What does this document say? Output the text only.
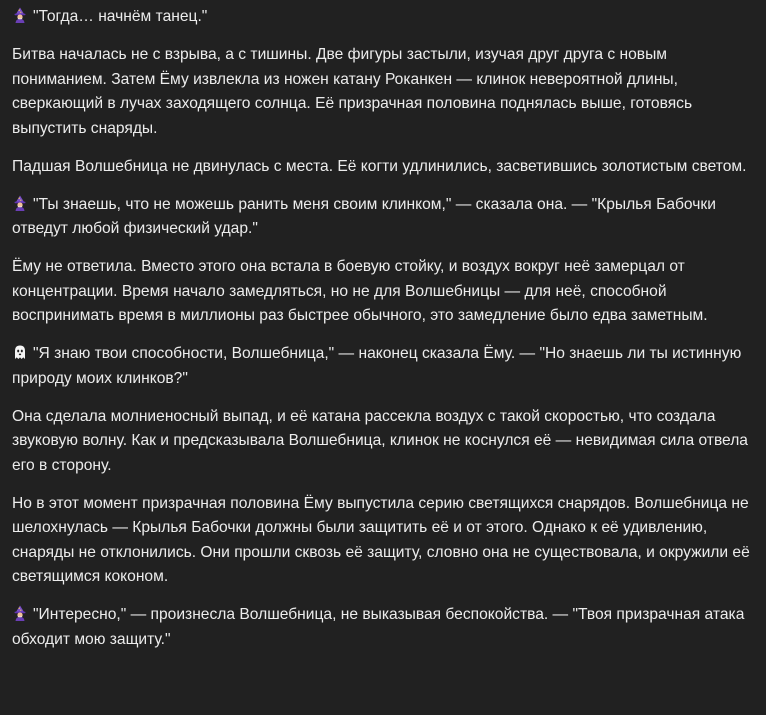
"Тогда… начнём танец."

Битва началась не с взрыва, а с тишины. Две фигуры застыли, изучая друг друга с новым пониманием. Затем Ёму извлекла из ножен катану Роканкен — клинок невероятной длины, сверкающий в лучах заходящего солнца. Её призрачная половина поднялась выше, готовясь выпустить снаряды.

Падшая Волшебница не двинулась с места. Её когти удлинились, засветившись золотистым светом.

"Ты знаешь, что не можешь ранить меня своим клинком," — сказала она. — "Крылья Бабочки отведут любой физический удар."

Ёму не ответила. Вместо этого она встала в боевую стойку, и воздух вокруг неё замерцал от концентрации. Время начало замедляться, но не для Волшебницы — для неё, способной воспринимать время в миллионы раз быстрее обычного, это замедление было едва заметным.

"Я знаю твои способности, Волшебница," — наконец сказала Ёму. — "Но знаешь ли ты истинную природу моих клинков?"

Она сделала молниеносный выпад, и её катана рассекла воздух с такой скоростью, что создала звуковую волну. Как и предсказывала Волшебница, клинок не коснулся её — невидимая сила отвела его в сторону.

Но в этот момент призрачная половина Ёму выпустила серию светящихся снарядов. Волшебница не шелохнулась — Крылья Бабочки должны были защитить её и от этого. Однако к её удивлению, снаряды не отклонились. Они прошли сквозь её защиту, словно она не существовала, и окружили её светящимся коконом.

"Интересно," — произнесла Волшебница, не выказывая беспокойства. — "Твоя призрачная атака обходит мою защиту."
